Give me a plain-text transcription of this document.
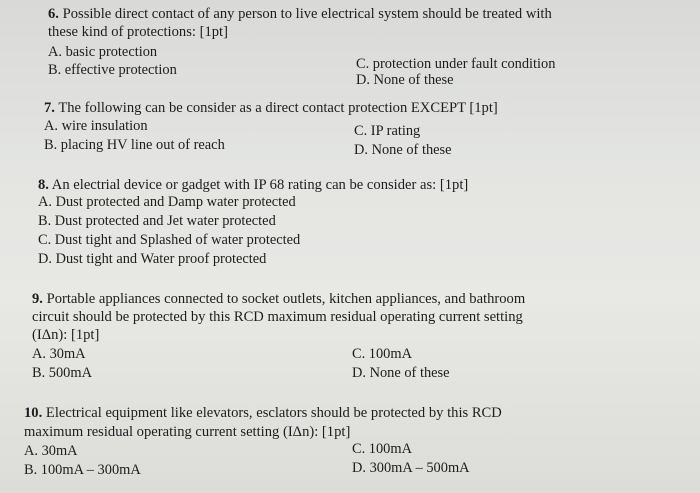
6. Possible direct contact of any person to live electrical system should be treated with
these kind of protections: [1pt]
A. basic protection
B. effective protection	C. protection under fault condition
D. None of these
7. The following can be consider as a direct contact protection EXCEPT [1pt]
A. wire insulation
B. placing HV line out of reach
C. IP rating
D. None of these
8. An electrial device or gadget with IP 68 rating can be consider as: [1pt]
A. Dust protected and Damp water protected
B. Dust protected and Jet water protected
C. Dust tight and Splashed of water protected
D. Dust tight and Water proof protected
9. Portable appliances connected to socket outlets, kitchen appliances, and bathroom
circuit should be protected by this RCD maximum residual operating current setting
(IΔn): [1pt]
A. 30mA
B. 500mA
C. 100mA
D. None of these
10. Electrical equipment like elevators, esclators should be protected by this RCD
maximum residual operating current setting (IΔn): [1pt]
A. 30mA
B. 100mA – 300mA
C. 100mA
D. 300mA – 500mA
